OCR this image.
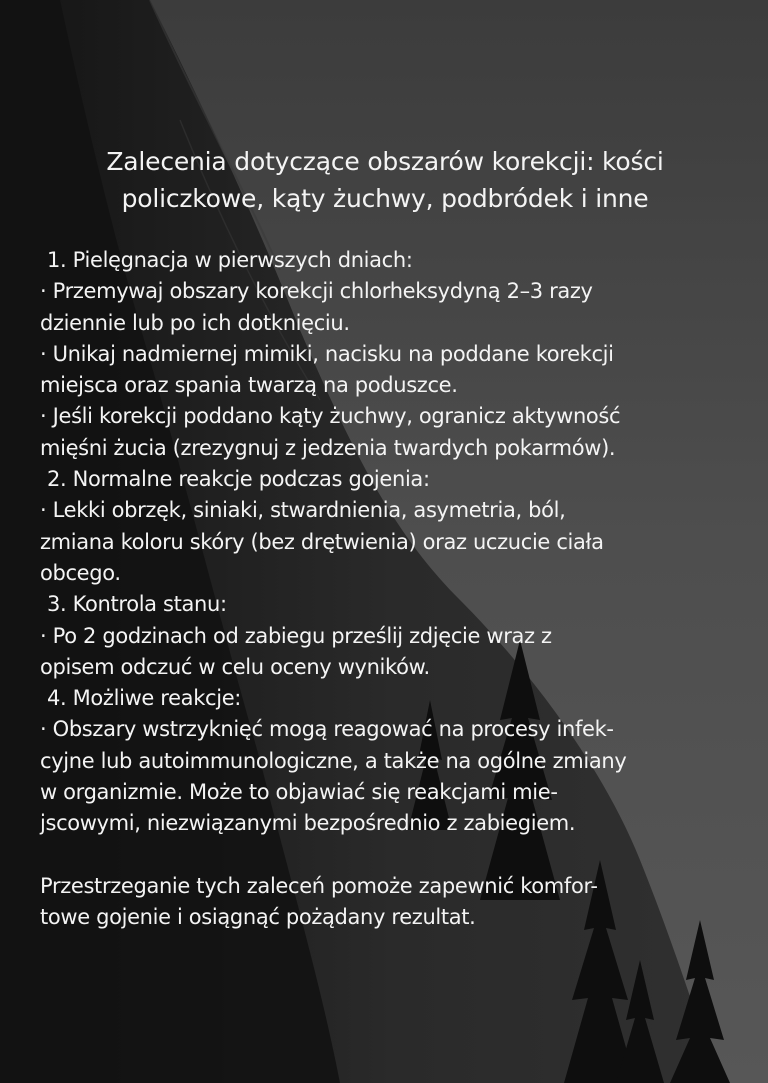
Zalecenia dotyczące obszarów korekcji: kości
policzkowe, kąty żuchwy, podbródek i inne
1. Pielęgnacja w pierwszych dniach:
· Przemywaj obszary korekcji chlorheksydyną 2–3 razy
dziennie lub po ich dotknięciu.
· Unikaj nadmiernej mimiki, nacisku na poddane korekcji
miejsca oraz spania twarzą na poduszce.
· Jeśli korekcji poddano kąty żuchwy, ogranicz aktywność
mięśni żucia (zrezygnuj z jedzenia twardych pokarmów).
2. Normalne reakcje podczas gojenia:
· Lekki obrzęk, siniaki, stwardnienia, asymetria, ból,
zmiana koloru skóry (bez drętwienia) oraz uczucie ciała
obcego.
3. Kontrola stanu:
· Po 2 godzinach od zabiegu prześlij zdjęcie wraz z
opisem odczuć w celu oceny wyników.
4. Możliwe reakcje:
· Obszary wstrzyknięć mogą reagować na procesy infek-
cyjne lub autoimmunologiczne, a także na ogólne zmiany
w organizmie. Może to objawiać się reakcjami mie-
jscowymi, niezwiązanymi bezpośrednio z zabiegiem.
Przestrzeganie tych zaleceń pomoże zapewnić komfor-
towe gojenie i osiągnąć pożądany rezultat.
